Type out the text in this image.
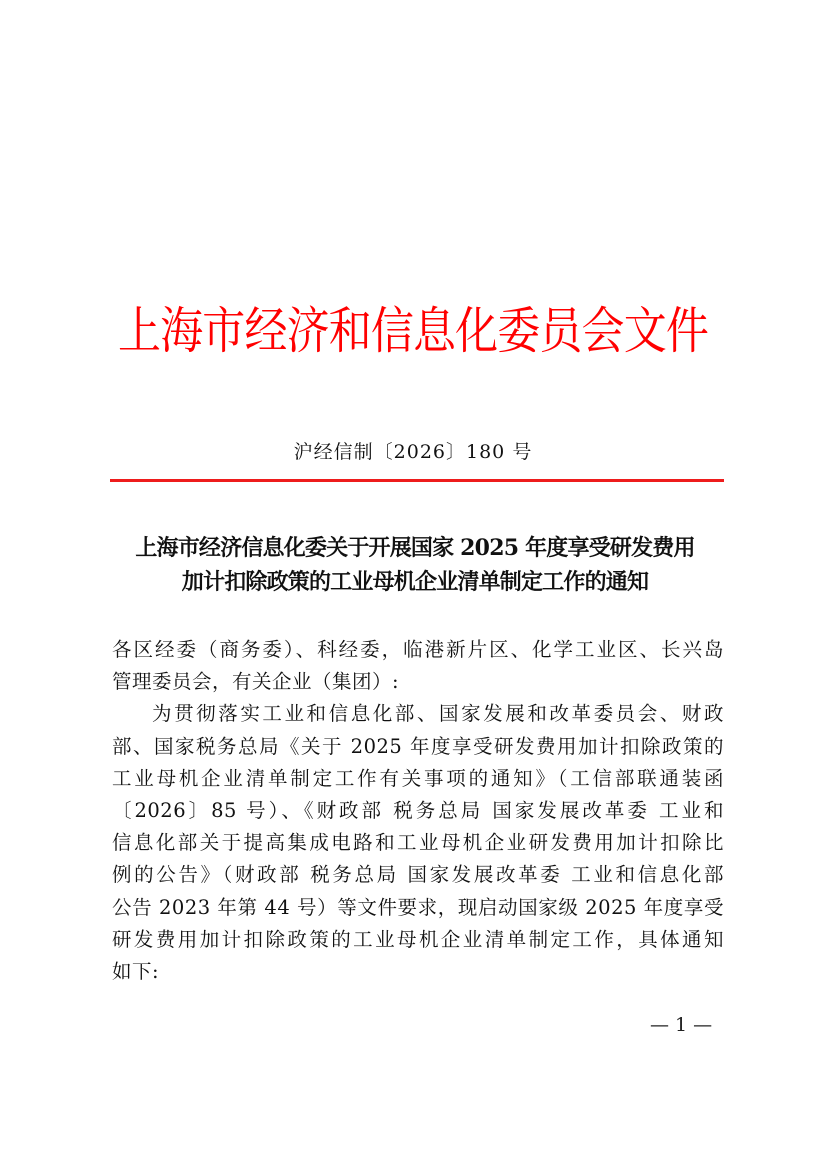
上海市经济和信息化委员会文件
沪经信制〔2026〕180 号
上海市经济信息化委关于开展国家 2025 年度享受研发费用
加计扣除政策的工业母机企业清单制定工作的通知
各区经委（商务委）、科经委，临港新片区、化学工业区、长兴岛
管理委员会，有关企业（集团）:
为贯彻落实工业和信息化部、国家发展和改革委员会、财政
部、国家税务总局《关于 2025 年度享受研发费用加计扣除政策的
工业母机企业清单制定工作有关事项的通知》（工信部联通装函
〔2026〕85 号）、《财政部 税务总局 国家发展改革委 工业和
信息化部关于提高集成电路和工业母机企业研发费用加计扣除比
例的公告》（财政部 税务总局 国家发展改革委 工业和信息化部
公告 2023 年第 44 号）等文件要求，现启动国家级 2025 年度享受
研发费用加计扣除政策的工业母机企业清单制定工作，具体通知
如下:
— 1 —
